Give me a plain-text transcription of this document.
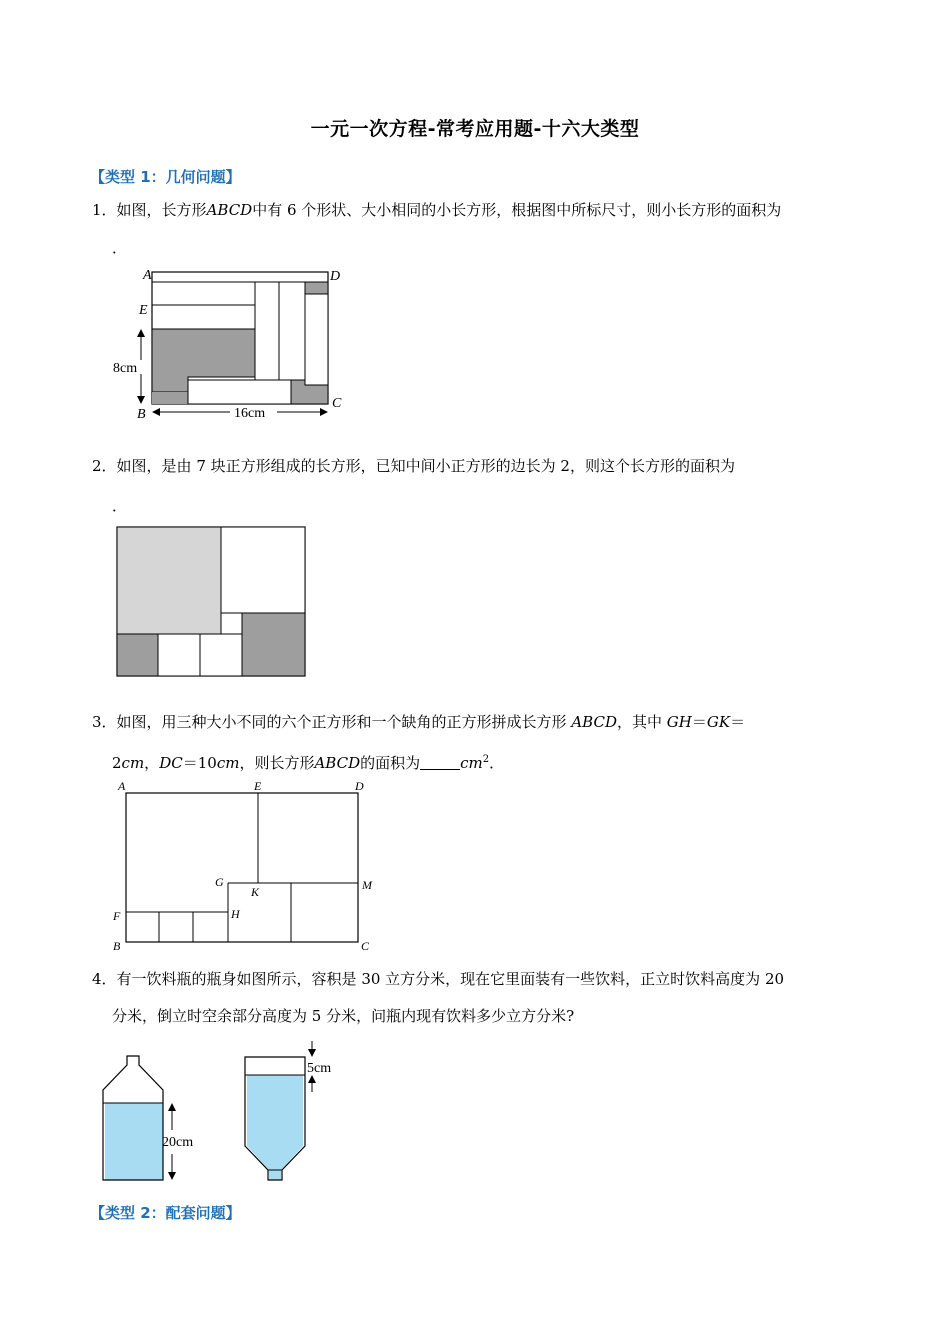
一元一次方程-常考应用题-十六大类型
【类型 1：几何问题】
1．如图，长方形ABCD中有 6 个形状、大小相同的小长方形，根据图中所标尺寸，则小长方形的面积为
．
A	D
E
B
C
8cm
16cm
2．如图，是由 7 块正方形组成的长方形，已知中间小正方形的边长为 2，则这个长方形的面积为
．
3．如图，用三种大小不同的六个正方形和一个缺角的正方形拼成长方形 ABCD，其中 GH＝GK＝
2cm，DC＝10cm，则长方形ABCD的面积为	$cm^2$．
A	E	D
G
K	M
F	H
B	C
4．有一饮料瓶的瓶身如图所示，容积是 30 立方分米，现在它里面装有一些饮料，正立时饮料高度为 20
分米，倒立时空余部分高度为 5 分米，问瓶内现有饮料多少立方分米?
20cm
5cm
【类型 2：配套问题】
